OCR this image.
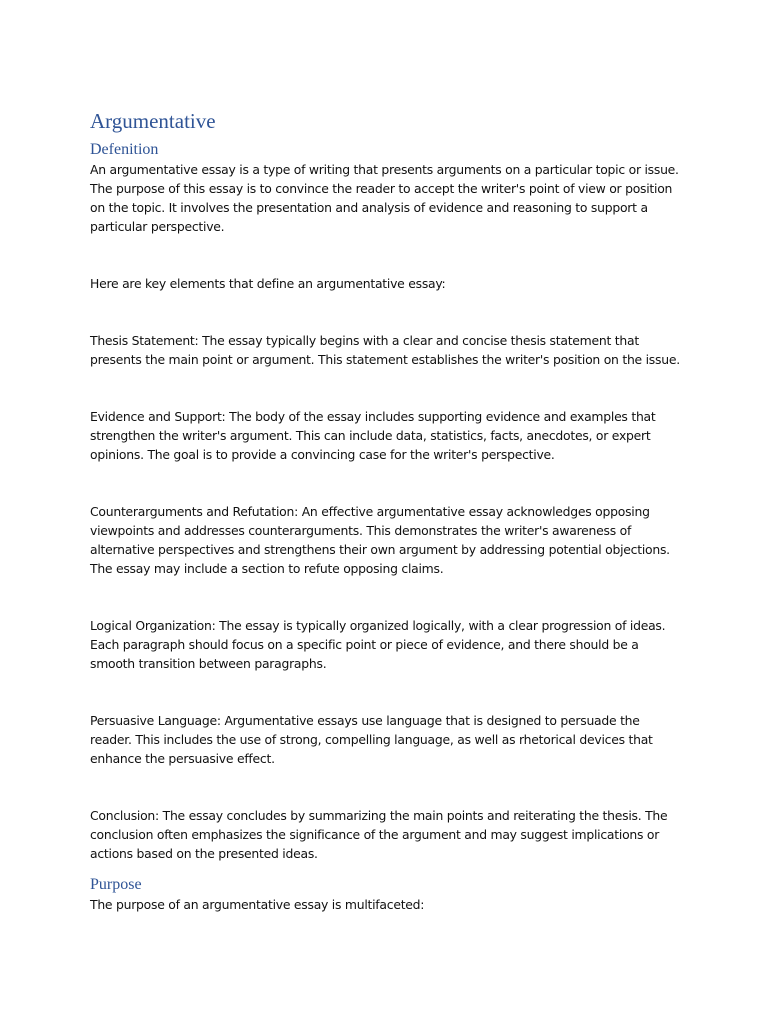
Argumentative
Defenition

An argumentative essay is a type of writing that presents arguments on a particular topic or issue. The purpose of this essay is to convince the reader to accept the writer's point of view or position on the topic. It involves the presentation and analysis of evidence and reasoning to support a particular perspective.

Here are key elements that define an argumentative essay:

Thesis Statement: The essay typically begins with a clear and concise thesis statement that presents the main point or argument. This statement establishes the writer's position on the issue.

Evidence and Support: The body of the essay includes supporting evidence and examples that strengthen the writer's argument. This can include data, statistics, facts, anecdotes, or expert opinions. The goal is to provide a convincing case for the writer's perspective.

Counterarguments and Refutation: An effective argumentative essay acknowledges opposing viewpoints and addresses counterarguments. This demonstrates the writer's awareness of alternative perspectives and strengthens their own argument by addressing potential objections. The essay may include a section to refute opposing claims.

Logical Organization: The essay is typically organized logically, with a clear progression of ideas. Each paragraph should focus on a specific point or piece of evidence, and there should be a smooth transition between paragraphs.

Persuasive Language: Argumentative essays use language that is designed to persuade the reader. This includes the use of strong, compelling language, as well as rhetorical devices that enhance the persuasive effect.

Conclusion: The essay concludes by summarizing the main points and reiterating the thesis. The conclusion often emphasizes the significance of the argument and may suggest implications or actions based on the presented ideas.

Purpose

The purpose of an argumentative essay is multifaceted:
